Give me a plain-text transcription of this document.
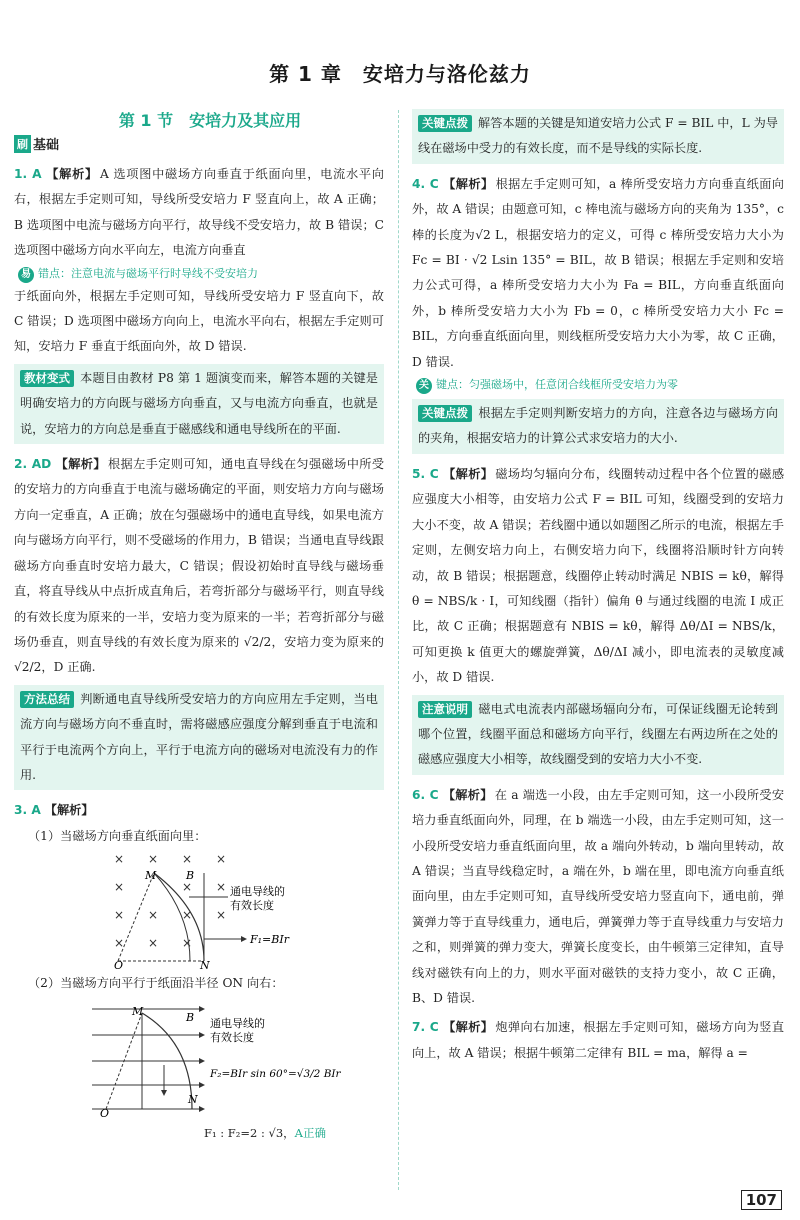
第 1 章　安培力与洛伦兹力
第 1 节　安培力及其应用
刷 基础
1. A 【解析】 A 选项图中磁场方向垂直于纸面向里，电流水平向右，根据左手定则可知，导线所受安培力 F 竖直向上，故 A 正确；B 选项图中电流与磁场方向平行，故导线不受安培力，故 B 错误；C 选项图中磁场方向水平向左，电流方向垂直
易 错点：注意电流与磁场平行时导线不受安培力
于纸面向外，根据左手定则可知，导线所受安培力 F 竖直向下，故 C 错误；D 选项图中磁场方向向上，电流水平向右，根据左手定则可知，安培力 F 垂直于纸面向外，故 D 错误.
教材变式 本题目由教材 P8 第 1 题演变而来，解答本题的关键是明确安培力的方向既与磁场方向垂直，又与电流方向垂直，也就是说，安培力的方向总是垂直于磁感线和通电导线所在的平面.
2. AD 【解析】 根据左手定则可知，通电直导线在匀强磁场中所受的安培力的方向垂直于电流与磁场确定的平面，则安培力方向与磁场方向一定垂直，A 正确；放在匀强磁场中的通电直导线，如果电流方向与磁场方向平行，则不受磁场的作用力，B 错误；当通电直导线跟磁场方向垂直时安培力最大，C 错误；假设初始时直导线与磁场垂直，将直导线从中点折成直角后，若弯折部分与磁场平行，则直导线的有效长度为原来的一半，安培力变为原来的一半；若弯折部分与磁场仍垂直，则直导线的有效长度为原来的 √2/2，安培力变为原来的 √2/2，D 正确.
方法总结 判断通电直导线所受安培力的方向应用左手定则，当电流方向与磁场方向不垂直时，需将磁感应强度分解到垂直于电流和平行于电流两个方向上，平行于电流方向的磁场对电流没有力的作用.
3. A 【解析】
（1）当磁场方向垂直纸面向里：
× × × ×
×	× ×
× × × ×
× × ×
M	B
O	N
通电导线的
有效长度
F₁=BIr
（2）当磁场方向平行于纸面沿半径 ON 向右：
M	B
O
N
通电导线的
有效长度
F₂=BIr sin 60°=√3/2 BIr
F₁ : F₂=2 : √3，A正确
关键点拨 解答本题的关键是知道安培力公式 F = BIL 中，L 为导线在磁场中受力的有效长度，而不是导线的实际长度.
4. C 【解析】 根据左手定则可知，a 棒所受安培力方向垂直纸面向外，故 A 错误；由题意可知，c 棒电流与磁场方向的夹角为 135°，c 棒的长度为√2 L，根据安培力的定义，可得 c 棒所受安培力大小为 Fc = BI · √2 Lsin 135° = BIL，故 B 错误；根据左手定则和安培力公式可得，a 棒所受安培力大小为 Fa = BIL，方向垂直纸面向外，b 棒所受安培力大小为 Fb = 0，c 棒所受安培力大小 Fc = BIL，方向垂直纸面向里，则线框所受安培力大小为零，故 C 正确，D 错误.
关 键点：匀强磁场中，任意闭合线框所受安培力为零
关键点拨 根据左手定则判断安培力的方向，注意各边与磁场方向的夹角，根据安培力的计算公式求安培力的大小.
5. C 【解析】 磁场均匀辐向分布，线圈转动过程中各个位置的磁感应强度大小相等，由安培力公式 F = BIL 可知，线圈受到的安培力大小不变，故 A 错误；若线圈中通以如题图乙所示的电流，根据左手定则，左侧安培力向上，右侧安培力向下，线圈将沿顺时针方向转动，故 B 错误；根据题意，线圈停止转动时满足 NBIS = kθ，解得 θ = NBS/k · I，可知线圈（指针）偏角 θ 与通过线圈的电流 I 成正比，故 C 正确；根据题意有 NBIS = kθ，解得 Δθ/ΔI = NBS/k，可知更换 k 值更大的螺旋弹簧，Δθ/ΔI 减小，即电流表的灵敏度减小，故 D 错误.
注意说明 磁电式电流表内部磁场辐向分布，可保证线圈无论转到哪个位置，线圈平面总和磁场方向平行，线圈左右两边所在之处的磁感应强度大小相等，故线圈受到的安培力大小不变.
6. C 【解析】 在 a 端选一小段，由左手定则可知，这一小段所受安培力垂直纸面向外，同理，在 b 端选一小段，由左手定则可知，这一小段所受安培力垂直纸面向里，故 a 端向外转动，b 端向里转动，故 A 错误；当直导线稳定时，a 端在外，b 端在里，即电流方向垂直纸面向里，由左手定则可知，直导线所受安培力竖直向下，通电前，弹簧弹力等于直导线重力，通电后，弹簧弹力等于直导线重力与安培力之和，则弹簧的弹力变大，弹簧长度变长，由牛顿第三定律知，直导线对磁铁有向上的力，则水平面对磁铁的支持力变小，故 C 正确，B、D 错误.
7. C 【解析】 炮弹向右加速，根据左手定则可知，磁场方向为竖直向上，故 A 错误；根据牛顿第二定律有 BIL = ma，解得 a =
107
